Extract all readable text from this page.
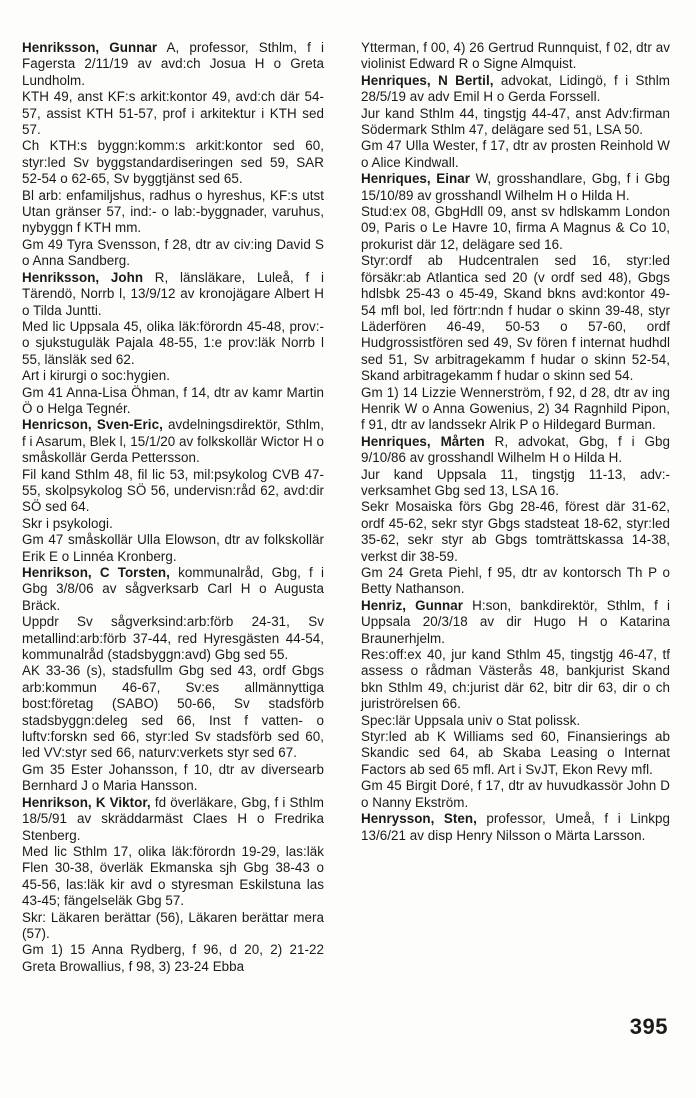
Henriksson, Gunnar A, professor, Sthlm, f i Fagersta 2/11/19 av avd:ch Josua H o Greta Lundholm.

KTH 49, anst KF:s arkit:kontor 49, avd:ch där 54-57, assist KTH 51-57, prof i arkitektur i KTH sed 57.

Ch KTH:s byggn:komm:s arkit:kontor sed 60, styr:led Sv byggstandardiseringen sed 59, SAR 52-54 o 62-65, Sv byggtjänst sed 65.

Bl arb: enfamiljshus, radhus o hyreshus, KF:s utst Utan gränser 57, ind:- o lab:-byggnader, varuhus, nybyggn f KTH mm.

Gm 49 Tyra Svensson, f 28, dtr av civ:ing David S o Anna Sandberg.

Henriksson, John R, länsläkare, Luleå, f i Tärendö, Norrb l, 13/9/12 av kronojägare Albert H o Tilda Juntti.

Med lic Uppsala 45, olika läk:förordn 45-48, prov:- o sjukstuguläk Pajala 48-55, 1:e prov:läk Norrb l 55, länsläk sed 62.

Art i kirurgi o soc:hygien.

Gm 41 Anna-Lisa Öhman, f 14, dtr av kamr Martin Ö o Helga Tegnér.

Henricson, Sven-Eric, avdelningsdirektör, Sthlm, f i Asarum, Blek l, 15/1/20 av folkskollär Wictor H o småskollär Gerda Pettersson.

Fil kand Sthlm 48, fil lic 53, mil:psykolog CVB 47-55, skolpsykolog SÖ 56, undervisn:råd 62, avd:dir SÖ sed 64.

Skr i psykologi.

Gm 47 småskollär Ulla Elowson, dtr av folkskollär Erik E o Linnéa Kronberg.

Henrikson, C Torsten, kommunalråd, Gbg, f i Gbg 3/8/06 av sågverksarb Carl H o Augusta Bräck.

Uppdr Sv sågverksind:arb:förb 24-31, Sv metallind:arb:förb 37-44, red Hyresgästen 44-54, kommunalråd (stadsbyggn:avd) Gbg sed 55.

AK 33-36 (s), stadsfullm Gbg sed 43, ordf Gbgs arb:kommun 46-67, Sv:es allmännyttiga bost:företag (SABO) 50-66, Sv stadsförb stadsbyggn:deleg sed 66, Inst f vatten- o luftv:forskn sed 66, styr:led Sv stadsförb sed 60, led VV:styr sed 66, naturv:verkets styr sed 67.

Gm 35 Ester Johansson, f 10, dtr av diversearb Bernhard J o Maria Hansson.

Henrikson, K Viktor, fd överläkare, Gbg, f i Sthlm 18/5/91 av skräddarmäst Claes H o Fredrika Stenberg.

Med lic Sthlm 17, olika läk:förordn 19-29, las:läk Flen 30-38, överläk Ekmanska sjh Gbg 38-43 o 45-56, las:läk kir avd o styresman Eskilstuna las 43-45; fängelseläk Gbg 57.

Skr: Läkaren berättar (56), Läkaren berättar mera (57).

Gm 1) 15 Anna Rydberg, f 96, d 20, 2) 21-22 Greta Browallius, f 98, 3) 23-24 Ebba

Ytterman, f 00, 4) 26 Gertrud Runnquist, f 02, dtr av violinist Edward R o Signe Almquist.

Henriques, N Bertil, advokat, Lidingö, f i Sthlm 28/5/19 av adv Emil H o Gerda Forssell.

Jur kand Sthlm 44, tingstjg 44-47, anst Adv:firman Södermark Sthlm 47, delägare sed 51, LSA 50.

Gm 47 Ulla Wester, f 17, dtr av prosten Reinhold W o Alice Kindwall.

Henriques, Einar W, grosshandlare, Gbg, f i Gbg 15/10/89 av grosshandl Wilhelm H o Hilda H.

Stud:ex 08, GbgHdll 09, anst sv hdlskamm London 09, Paris o Le Havre 10, firma A Magnus & Co 10, prokurist där 12, delägare sed 16.

Styr:ordf ab Hudcentralen sed 16, styr:led försäkr:ab Atlantica sed 20 (v ordf sed 48), Gbgs hdlsbk 25-43 o 45-49, Skand bkns avd:kontor 49-54 mfl bol, led förtr:ndn f hudar o skinn 39-48, styr Läderfören 46-49, 50-53 o 57-60, ordf Hudgrossistfören sed 49, Sv fören f internat hudhdl sed 51, Sv arbitragekamm f hudar o skinn 52-54, Skand arbitragekamm f hudar o skinn sed 54.

Gm 1) 14 Lizzie Wennerström, f 92, d 28, dtr av ing Henrik W o Anna Gowenius, 2) 34 Ragnhild Pipon, f 91, dtr av landssekr Alrik P o Hildegard Burman.

Henriques, Mårten R, advokat, Gbg, f i Gbg 9/10/86 av grosshandl Wilhelm H o Hilda H.

Jur kand Uppsala 11, tingstjg 11-13, adv:-verksamhet Gbg sed 13, LSA 16.

Sekr Mosaiska förs Gbg 28-46, förest där 31-62, ordf 45-62, sekr styr Gbgs stadsteat 18-62, styr:led 35-62, sekr styr ab Gbgs tomträttskassa 14-38, verkst dir 38-59.

Gm 24 Greta Piehl, f 95, dtr av kontorsch Th P o Betty Nathanson.

Henriz, Gunnar H:son, bankdirektör, Sthlm, f i Uppsala 20/3/18 av dir Hugo H o Katarina Braunerhjelm.

Res:off:ex 40, jur kand Sthlm 45, tingstjg 46-47, tf assess o rådman Västerås 48, bankjurist Skand bkn Sthlm 49, ch:jurist där 62, bitr dir 63, dir o ch juriströrelsen 66.

Spec:lär Uppsala univ o Stat polissk.

Styr:led ab K Williams sed 60, Finansierings ab Skandic sed 64, ab Skaba Leasing o Internat Factors ab sed 65 mfl. Art i SvJT, Ekon Revy mfl.

Gm 45 Birgit Doré, f 17, dtr av huvudkassör John D o Nanny Ekström.

Henrysson, Sten, professor, Umeå, f i Linkpg 13/6/21 av disp Henry Nilsson o Märta Larsson.

395
